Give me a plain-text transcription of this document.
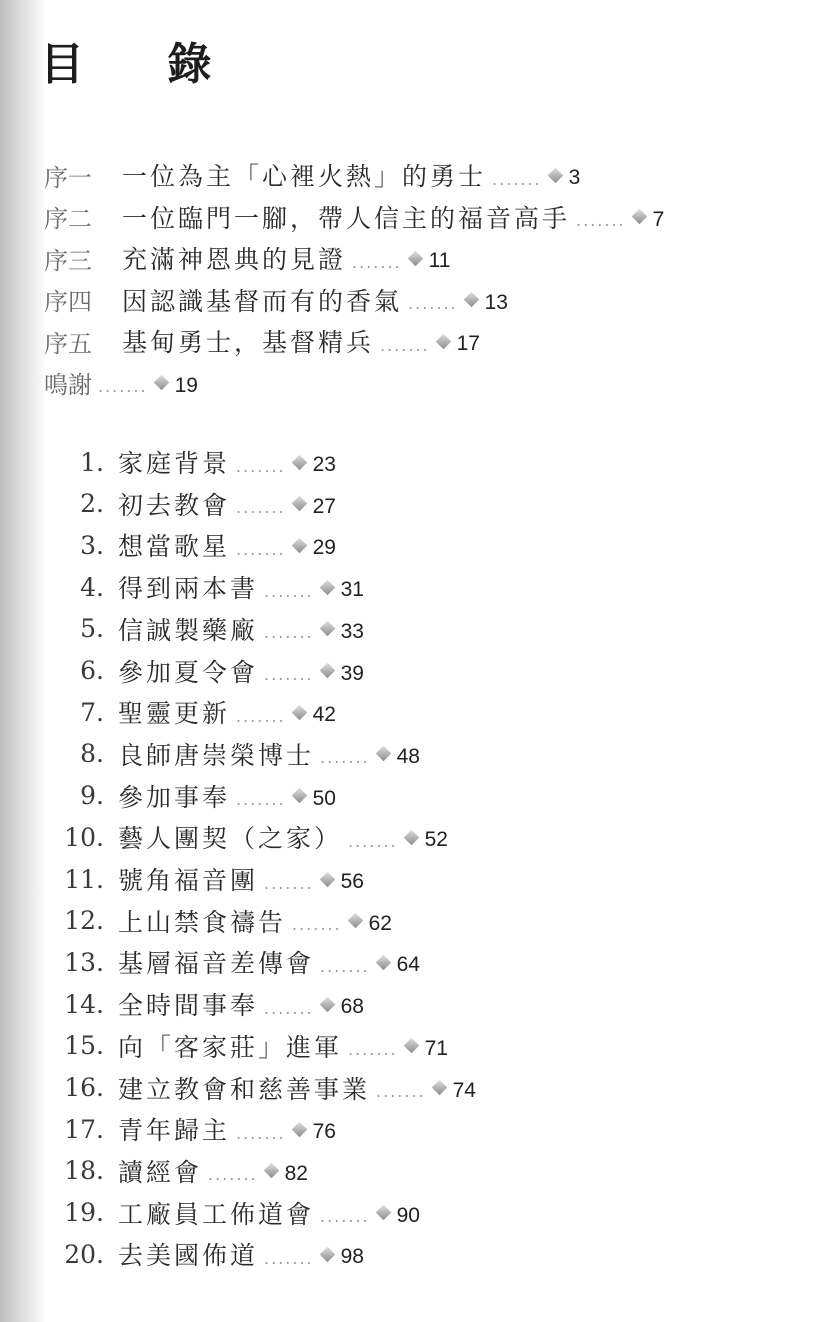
目 錄
序一 一位為主「心裡火熱」的勇士 ....... 3
序二 一位臨門一腳，帶人信主的福音高手 ....... 7
序三 充滿神恩典的見證 ....... 11
序四 因認識基督而有的香氣 ....... 13
序五 基甸勇士，基督精兵 ....... 17
鳴謝 ....... 19
1. 家庭背景 ....... 23
2. 初去教會 ....... 27
3. 想當歌星 ....... 29
4. 得到兩本書 ....... 31
5. 信誠製藥廠 ....... 33
6. 參加夏令會 ....... 39
7. 聖靈更新 ....... 42
8. 良師唐崇榮博士 ....... 48
9. 參加事奉 ....... 50
10. 藝人團契（之家） ....... 52
11. 號角福音團 ....... 56
12. 上山禁食禱告 ....... 62
13. 基層福音差傳會 ....... 64
14. 全時間事奉 ....... 68
15. 向「客家莊」進軍 ....... 71
16. 建立教會和慈善事業 ....... 74
17. 青年歸主 ....... 76
18. 讀經會 ....... 82
19. 工廠員工佈道會 ....... 90
20. 去美國佈道 ....... 98
